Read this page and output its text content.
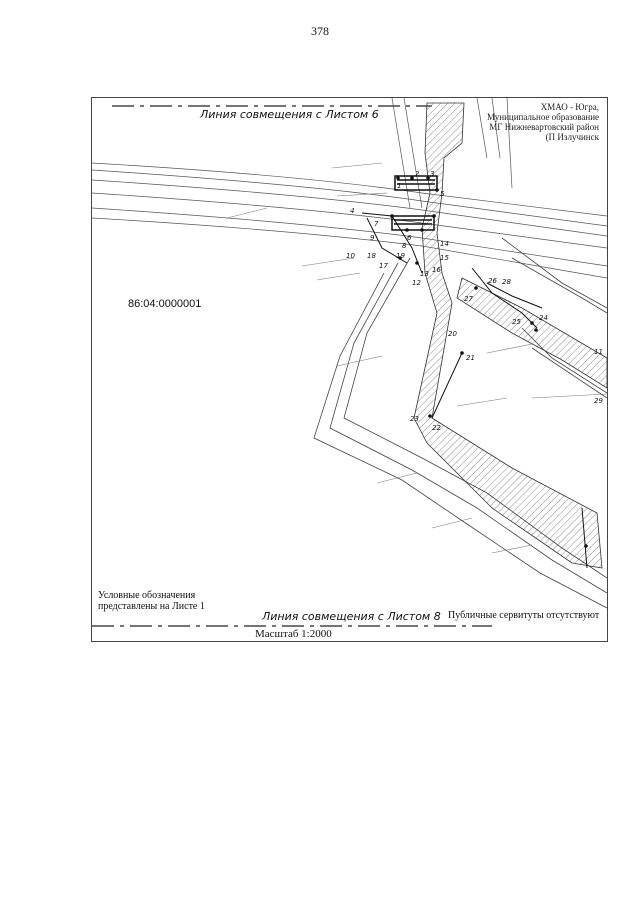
378
1
2 3
4
5
6
7
8
9
10
11
12
13
14
15
16
17
18	19
20
21
22
23
24
25
26
27
28
29
Линия совмещения с Листом 6
ХМАО - Югра,
Муниципальное образование
МГ Нижневартовский район
(П Излучинск
86:04:0000001
Условные обозначения
представлены на Листе 1
Линия совмещения с Листом 8 Публичные сервитуты отсутствуют
Масштаб 1:2000
